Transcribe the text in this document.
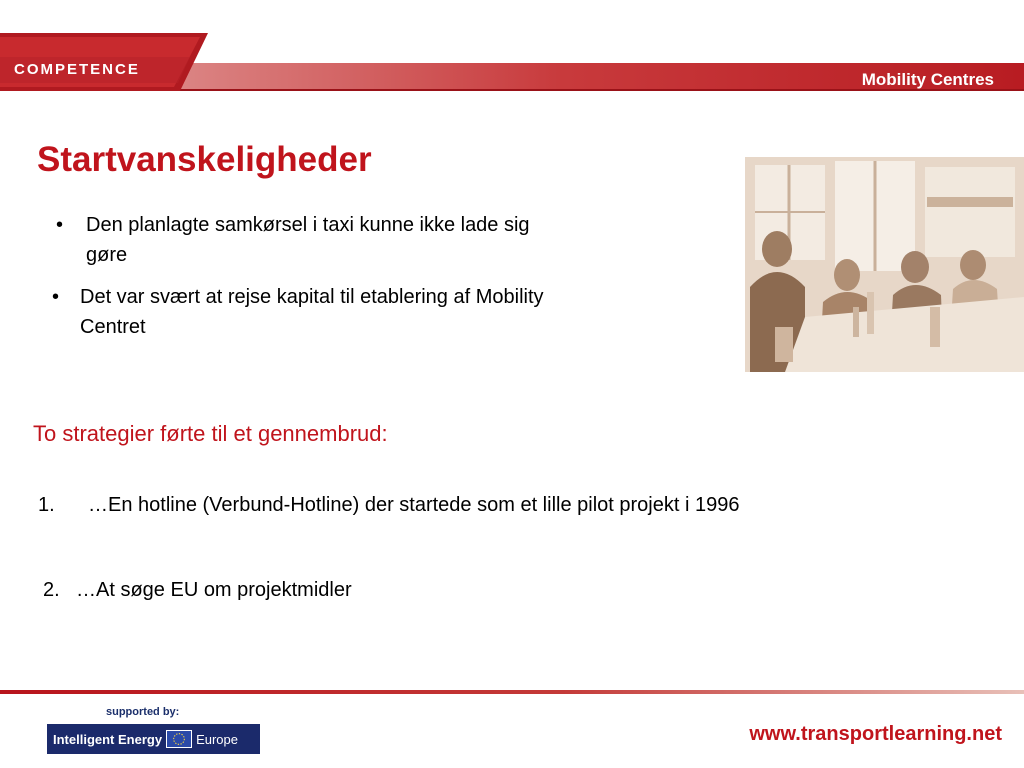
COMPETENCE
Mobility Centres
Startvanskeligheder
•	Den planlagte samkørsel i taxi kunne ikke lade sig
gøre
•	Det var svært at rejse kapital til etablering af Mobility
Centret
To strategier førte til et gennembrud:
1. …En hotline (Verbund-Hotline) der startede som et lille pilot projekt i 1996
2. …At søge EU om projektmidler
supported by:
Intelligent Energy	Europe	www.transportlearning.net
